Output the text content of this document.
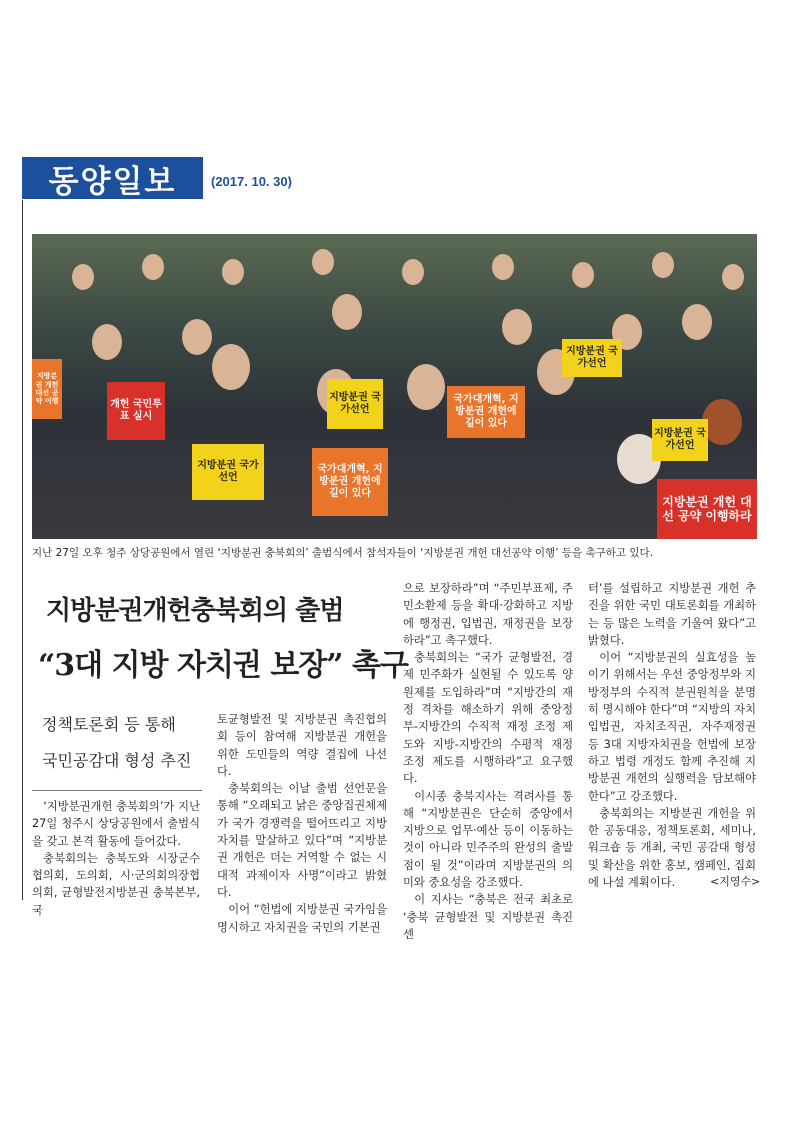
동양일보	(2017. 10. 30)
지방분권 국가선언
개헌 국민투표 실시
지방분권 개헌 대선 공약 이행	지방분권 국가선언
국가대개혁, 지방분권 개헌에 길이 있다
지방분권 국가선언
국가대개혁, 지방분권 개헌에 길이 있다
지방분권 국가선언
지방분권 개헌 대선 공약 이행하라
지난 27일 오후 청주 상당공원에서 열린 ‘지방분권 충북회의’ 출범식에서 참석자들이 ‘지방분권 개헌 대선공약 이행’ 등을 촉구하고 있다.
지방분권개헌충북회의 출범
“3대 지방 자치권 보장” 촉구
정책토론회 등 통해
국민공감대 형성 추진

‘지방분권개헌 충북회의’가 지난 27일 청주시 상당공원에서 출범식을 갖고 본격 활동에 들어갔다.

충북회의는 충북도와 시장군수협의회, 도의회, 시·군의회의장협의회, 균형발전지방분권 충북본부, 국

토균형발전 및 지방분권 촉진협의회 등이 참여해 지방분권 개헌을 위한 도민들의 역량 결집에 나선다.

충북회의는 이날 출범 선언문을 통해 “오래되고 낡은 중앙집권체제가 국가 경쟁력을 떨어뜨리고 지방자치를 말살하고 있다”며 “지방분권 개헌은 더는 거역할 수 없는 시대적 과제이자 사명”이라고 밝혔다.

이어 “헌법에 지방분권 국가임을 명시하고 자치권을 국민의 기본권

으로 보장하라”며 “주민부표제, 주민소환제 등을 확대·강화하고 지방에 행정권, 입법권, 재정권을 보장하라”고 촉구했다.

충북회의는 “국가 균형발전, 경제 민주화가 실현될 수 있도록 양원제를 도입하라”며 “지방간의 재정 격차를 해소하기 위해 중앙정부-지방간의 수직적 재정 조정 제도와 지방-지방간의 수평적 재정 조정 제도를 시행하라”고 요구했다.

이시종 충북지사는 격려사를 통해 “지방분권은 단순히 중앙에서 지방으로 업무·예산 등이 이동하는 것이 아니라 민주주의 완성의 출발점이 될 것”이라며 지방분권의 의미와 중요성을 강조했다.

이 지사는 “충북은 전국 최초로 ‘충북 균형발전 및 지방분권 촉진센

터’를 설립하고 지방분권 개헌 추진을 위한 국민 대토론회를 개최하는 등 많은 노력을 기울여 왔다”고 밝혔다.

이어 “지방분권의 실효성을 높이기 위해서는 우선 중앙정부와 지방정부의 수직적 분권원칙을 분명히 명시해야 한다”며 “지방의 자치입법권, 자치조직권, 자주재정권 등 3대 지방자치권을 헌법에 보장하고 법령 개정도 함께 추진해 지방분권 개헌의 실행력을 담보해야 한다”고 강조했다.

충북회의는 지방분권 개헌을 위한 공동대응, 정책토론회, 세미나, 워크숍 등 개최, 국민 공감대 형성 및 확산을 위한 홍보, 캠페인, 집회에 나설 계획이다.	<지영수>
